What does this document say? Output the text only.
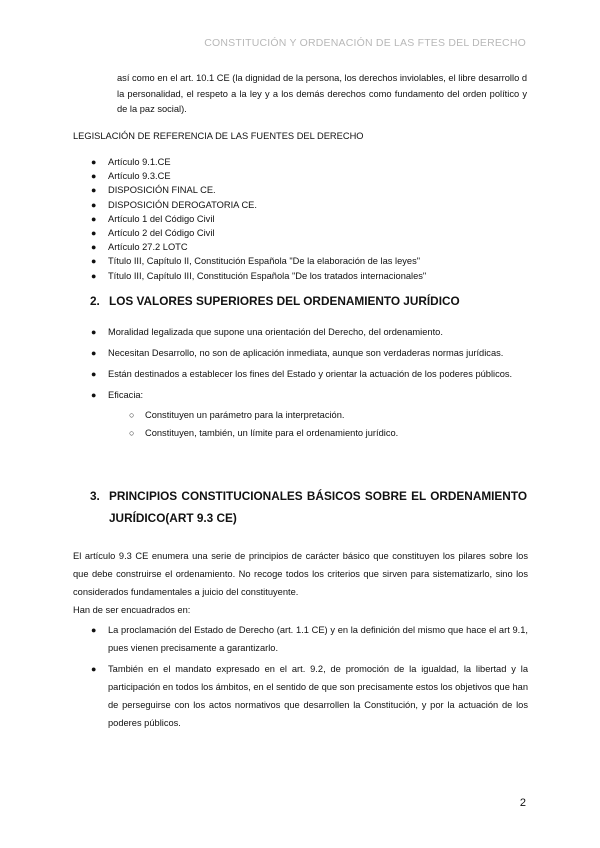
CONSTITUCIÓN Y ORDENACIÓN DE LAS FTES DEL DERECHO
así como en el art. 10.1 CE (la dignidad de la persona, los derechos inviolables, el libre desarrollo d la personalidad, el respeto a la ley y a los demás derechos como fundamento del orden político y de la paz social).
LEGISLACIÓN DE REFERENCIA DE LAS FUENTES DEL DERECHO
● Artículo 9.1.CE
● Artículo 9.3.CE
● DISPOSICIÓN FINAL CE.
● DISPOSICIÓN DEROGATORIA CE.
● Artículo 1 del Código Civil
● Artículo 2 del Código Civil
● Artículo 27.2 LOTC
● Título III, Capítulo II, Constitución Española "De la elaboración de las leyes"
● Título III, Capítulo III, Constitución Española "De los tratados internacionales"
2. LOS VALORES SUPERIORES DEL ORDENAMIENTO JURÍDICO
● Moralidad legalizada que supone una orientación del Derecho, del ordenamiento.
● Necesitan Desarrollo, no son de aplicación inmediata, aunque son verdaderas normas jurídicas.
● Están destinados a establecer los fines del Estado y orientar la actuación de los poderes públicos.
● Eficacia:
○ Constituyen un parámetro para la interpretación.
○ Constituyen, también, un límite para el ordenamiento jurídico.
3. PRINCIPIOS CONSTITUCIONALES BÁSICOS SOBRE EL ORDENAMIENTO
JURÍDICO(ART 9.3 CE)
El artículo 9.3 CE enumera una serie de principios de carácter básico que constituyen los pilares sobre los que debe construirse el ordenamiento. No recoge todos los criterios que sirven para sistematizarlo, sino los considerados fundamentales a juicio del constituyente.
Han de ser encuadrados en:
● La proclamación del Estado de Derecho (art. 1.1 CE) y en la definición del mismo que hace el art 9.1, pues vienen precisamente a garantizarlo.
● También en el mandato expresado en el art. 9.2, de promoción de la igualdad, la libertad y la participación en todos los ámbitos, en el sentido de que son precisamente estos los objetivos que han de perseguirse con los actos normativos que desarrollen la Constitución, y por la actuación de los poderes públicos.
2
